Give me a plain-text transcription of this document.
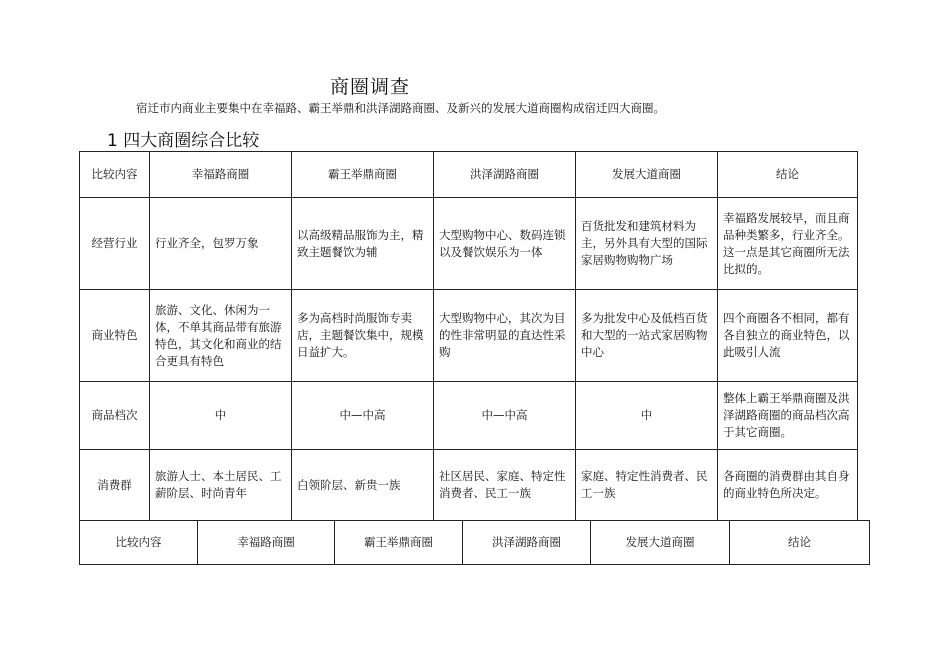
商圈调查
宿迁市内商业主要集中在幸福路、霸王举鼎和洪泽湖路商圈、及新兴的发展大道商圈构成宿迁四大商圈。
1 四大商圈综合比较
比较内容	幸福路商圈	霸王举鼎商圈	洪泽湖路商圈	发展大道商圈	结论
经营行业	行业齐全，包罗万象	以高级精品服饰为主，精致主题餐饮为辅	大型购物中心、数码连锁以及餐饮娱乐为一体	百货批发和建筑材料为主，另外具有大型的国际家居购物购物广场	幸福路发展较早，而且商品种类繁多，行业齐全。这一点是其它商圈所无法比拟的。
商业特色	旅游、文化、休闲为一体，不单其商品带有旅游特色，其文化和商业的结合更具有特色	多为高档时尚服饰专卖店，主题餐饮集中，规模日益扩大。	大型购物中心，其次为目的性非常明显的直达性采购	多为批发中心及低档百货和大型的一站式家居购物中心	四个商圈各不相同，都有各自独立的商业特色，以此吸引人流
商品档次	中	中—中高	中—中高	中	整体上霸王举鼎商圈及洪泽湖路商圈的商品档次高于其它商圈。
消费群	旅游人士、本土居民、工薪阶层、时尚青年	白领阶层、新贵一族	社区居民、家庭、特定性消费者、民工一族	家庭、特定性消费者、民工一族	各商圈的消费群由其自身的商业特色所决定。
比较内容	幸福路商圈	霸王举鼎商圈	洪泽湖路商圈	发展大道商圈	结论
